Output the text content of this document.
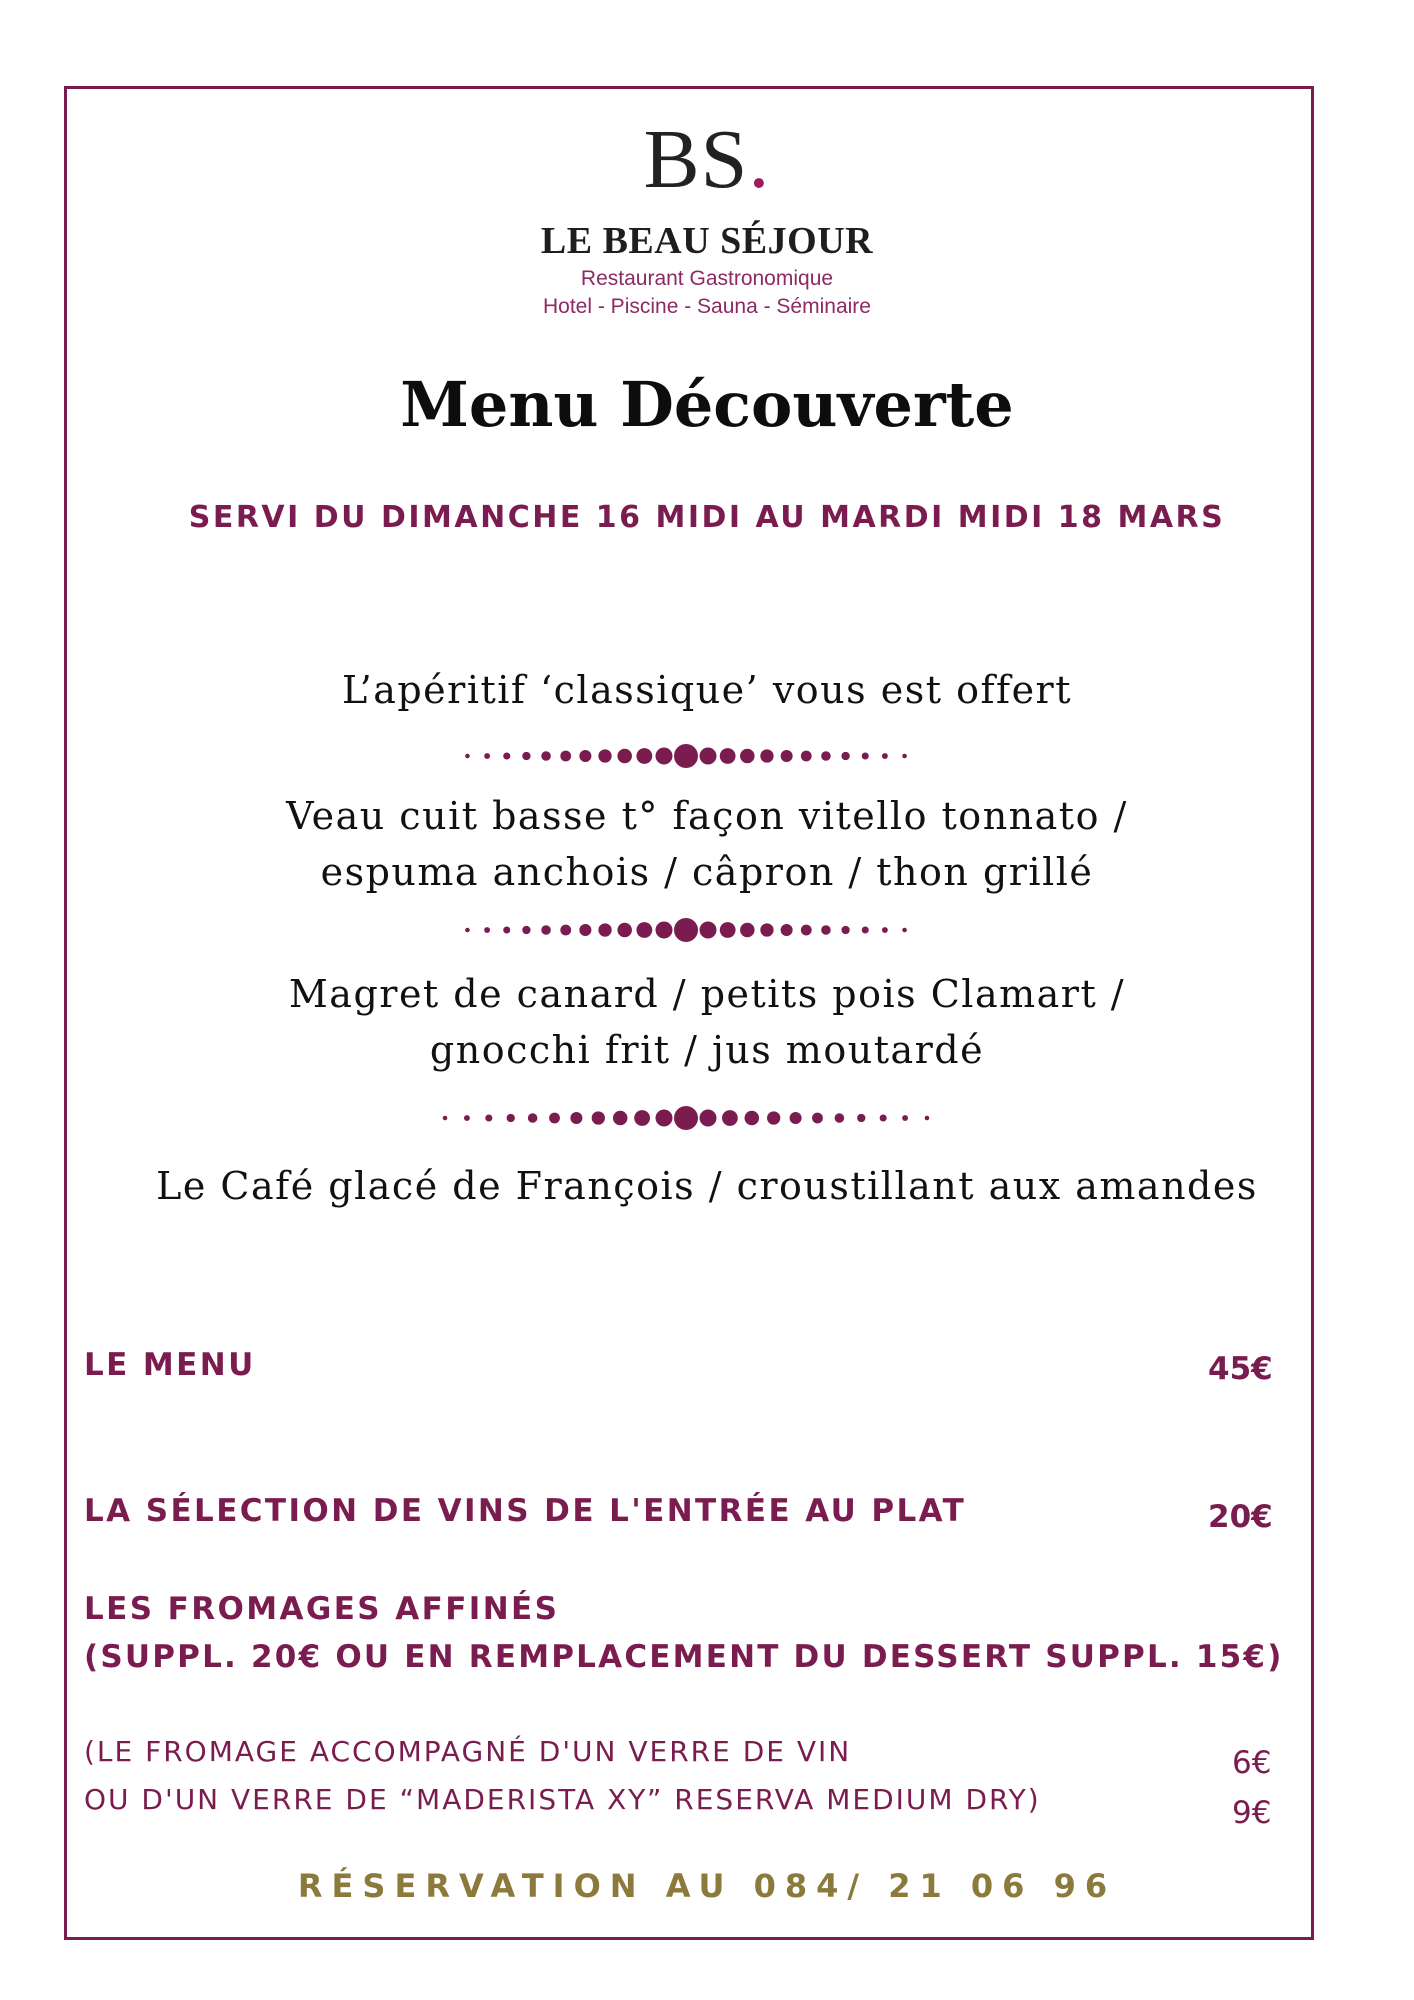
BS.
LE BEAU SÉJOUR
Restaurant Gastronomique
Hotel - Piscine - Sauna - Séminaire
Menu Découverte
SERVI DU DIMANCHE 16 MIDI AU MARDI MIDI 18 MARS
L’apéritif ‘classique’ vous est offert
Veau cuit basse t° façon vitello tonnato /
espuma anchois / câpron / thon grillé
Magret de canard / petits pois Clamart /
gnocchi frit / jus moutardé
Le Café glacé de François / croustillant aux amandes
LE MENU	45€
LA SÉLECTION DE VINS DE L'ENTRÉE AU PLAT	20€
LES FROMAGES AFFINÉS
(SUPPL. 20€ OU EN REMPLACEMENT DU DESSERT SUPPL. 15€)
(LE FROMAGE ACCOMPAGNÉ D'UN VERRE DE VIN
OU D'UN VERRE DE “MADERISTA XY” RESERVA MEDIUM DRY)
6€
9€
RÉSERVATION AU 084/ 21 06 96
